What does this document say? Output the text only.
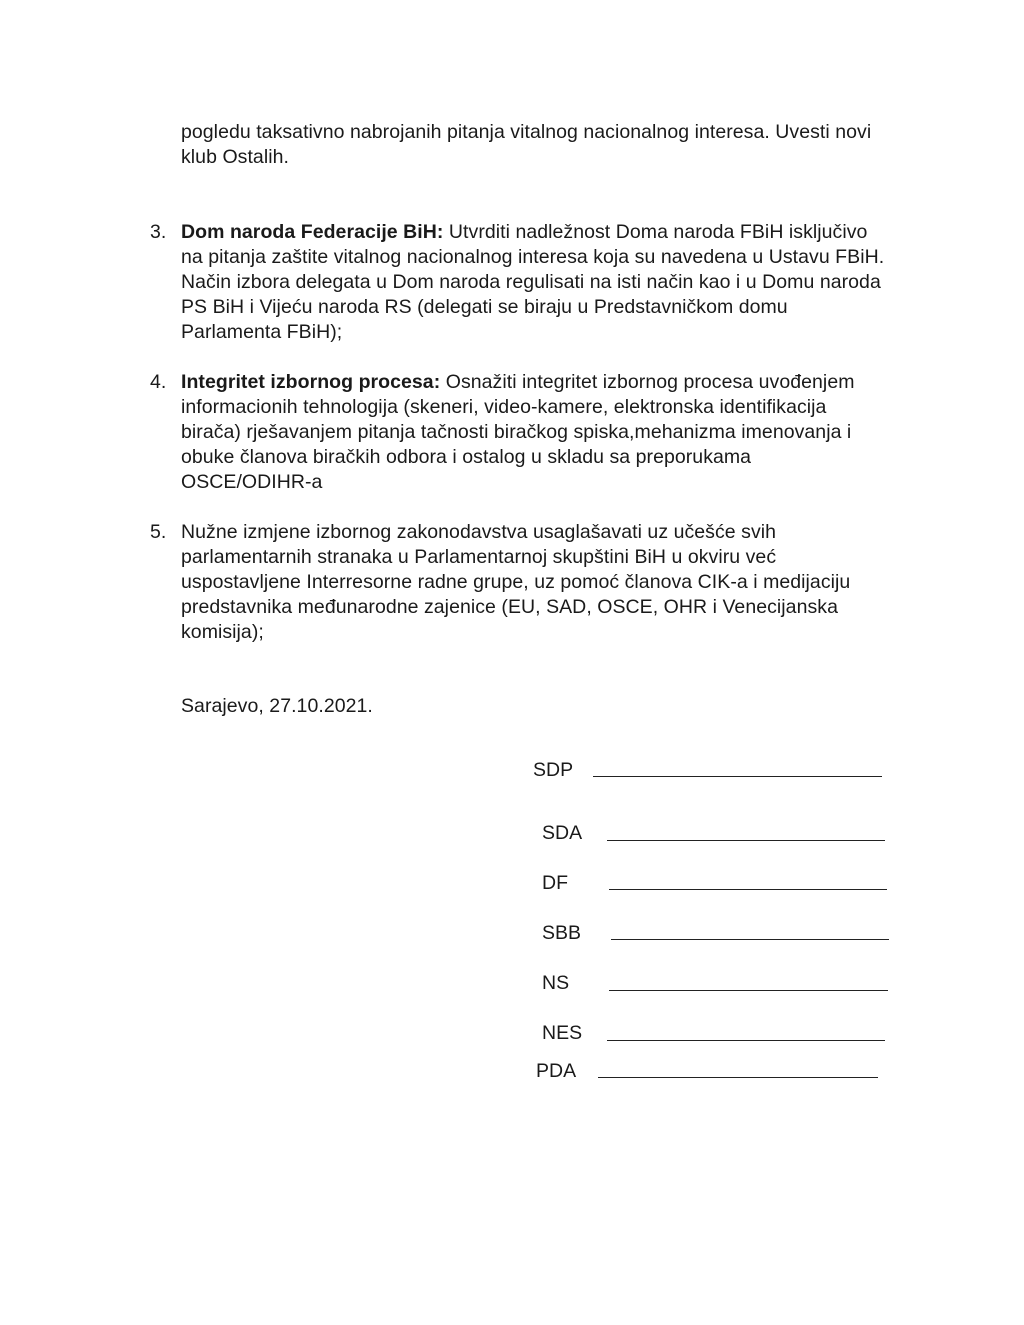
pogledu taksativno nabrojanih pitanja vitalnog nacionalnog interesa. Uvesti novi
klub Ostalih.
3. Dom naroda Federacije BiH: Utvrditi nadležnost Doma naroda FBiH isključivo
na pitanja zaštite vitalnog nacionalnog interesa koja su navedena u Ustavu FBiH.
Način izbora delegata u Dom naroda regulisati na isti način kao i u Domu naroda
PS BiH i Vijeću naroda RS (delegati se biraju u Predstavničkom domu
Parlamenta FBiH);
4. Integritet izbornog procesa: Osnažiti integritet izbornog procesa uvođenjem
informacionih tehnologija (skeneri, video-kamere, elektronska identifikacija
birača) rješavanjem pitanja tačnosti biračkog spiska,mehanizma imenovanja i
obuke članova biračkih odbora i ostalog u skladu sa preporukama
OSCE/ODIHR-a
5. Nužne izmjene izbornog zakonodavstva usaglašavati uz učešće svih
parlamentarnih stranaka u Parlamentarnoj skupštini BiH u okviru već
uspostavljene Interresorne radne grupe, uz pomoć članova CIK-a i medijaciju
predstavnika međunarodne zajenice (EU, SAD, OSCE, OHR i Venecijanska
komisija);
Sarajevo, 27.10.2021.
SDP
SDA
DF
SBB
NS
NES
PDA
